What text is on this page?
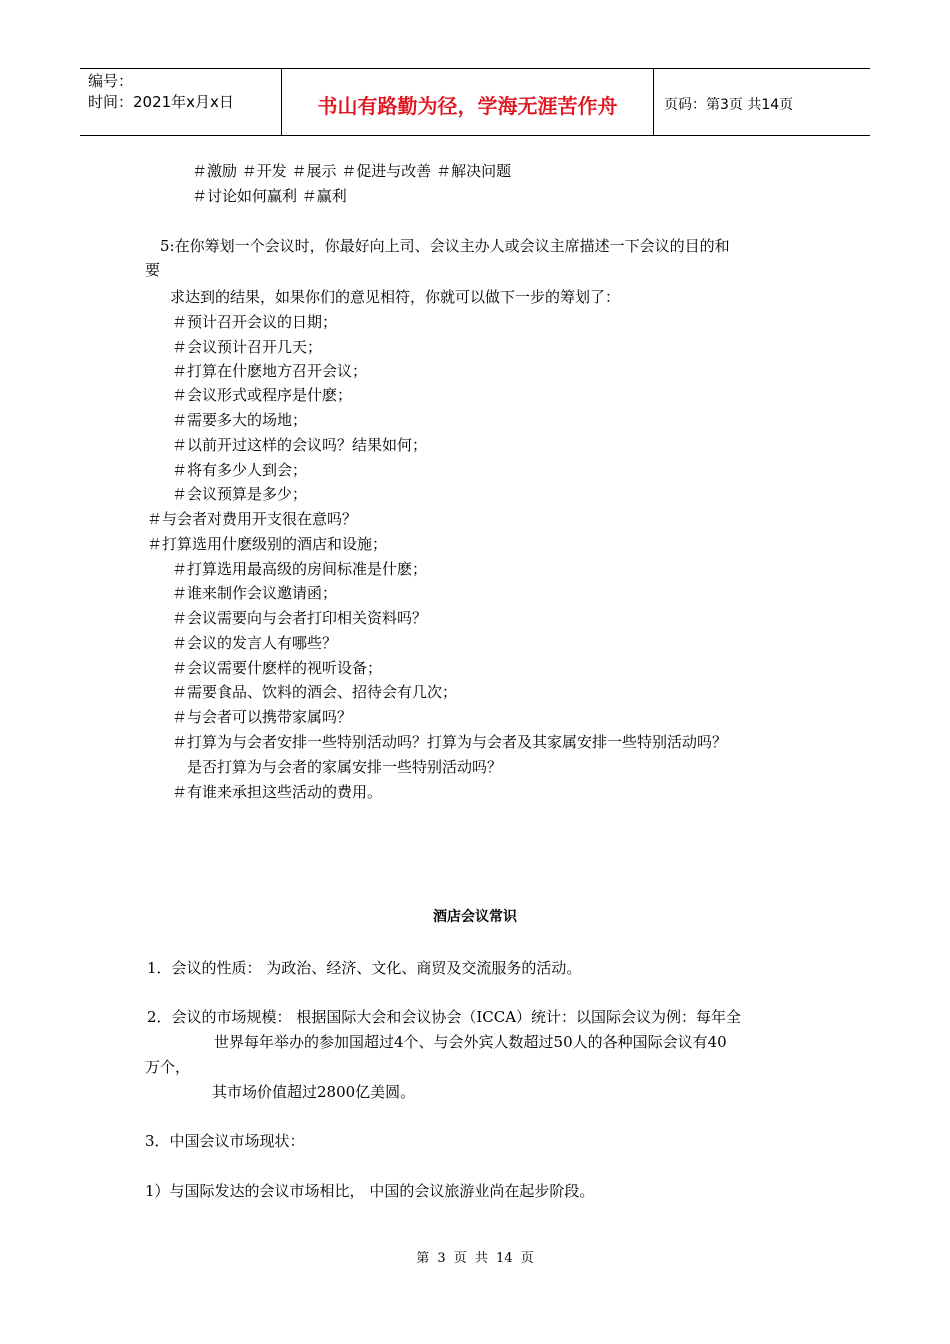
编号：
时间：2021年x月x日	书山有路勤为径，学海无涯苦作舟	页码：第3页 共14页
＃激励 ＃开发 ＃展示 ＃促进与改善 ＃解决问题
＃讨论如何赢利 ＃赢利
5:在你筹划一个会议时，你最好向上司、会议主办人或会议主席描述一下会议的目的和
要
求达到的结果，如果你们的意见相符，你就可以做下一步的筹划了：
＃预计召开会议的日期；
＃会议预计召开几天；
＃打算在什麽地方召开会议；
＃会议形式或程序是什麽；
＃需要多大的场地；
＃以前开过这样的会议吗？结果如何；
＃将有多少人到会；
＃会议预算是多少；
＃与会者对费用开支很在意吗？
＃打算选用什麽级别的酒店和设施；
＃打算选用最高级的房间标准是什麽；
＃谁来制作会议邀请函；
＃会议需要向与会者打印相关资料吗？
＃会议的发言人有哪些？
＃会议需要什麽样的视听设备；
＃需要食品、饮料的酒会、招待会有几次；
＃与会者可以携带家属吗？
＃打算为与会者安排一些特别活动吗？打算为与会者及其家属安排一些特别活动吗？
是否打算为与会者的家属安排一些特别活动吗？
＃有谁来承担这些活动的费用。
酒店会议常识
1．会议的性质： 为政治、经济、文化、商贸及交流服务的活动。
2．会议的市场规模： 根据国际大会和会议协会（ICCA）统计：以国际会议为例：每年全
世界每年举办的参加国超过4个、与会外宾人数超过50人的各种国际会议有40
万个，
其市场价值超过2800亿美圆。
3．中国会议市场现状：
1）与国际发达的会议市场相比， 中国的会议旅游业尚在起步阶段。
第 3 页 共 14 页
